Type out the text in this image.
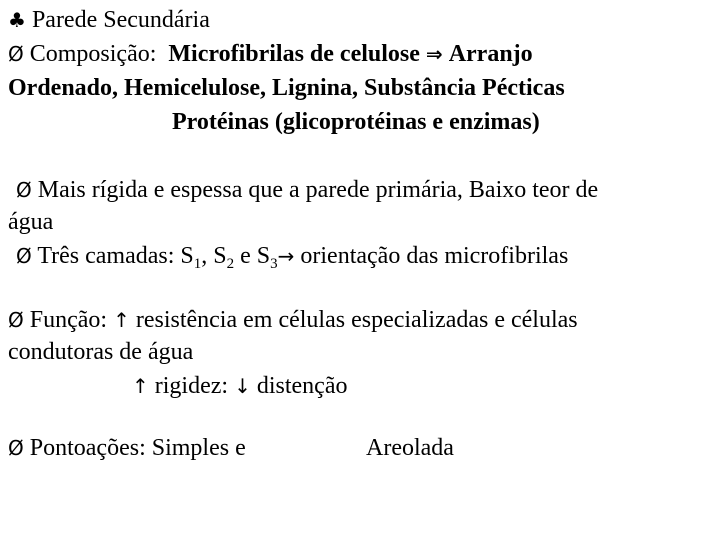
♣ Parede Secundária
Ø Composição: Microfibrilas de celulose ⇒ Arranjo
Ordenado, Hemicelulose, Lignina, Substância Pécticas
Protéinas (glicoprotéinas e enzimas)
Ø Mais rígida e espessa que a parede primária, Baixo teor de
água
Ø Três camadas: $S_1$, $S_2$ e $S_3\to$ orientação das microfibrilas
Ø Função: ↑ resistência em células especializadas e células
condutoras de água
↑ rigidez: ↓ distenção
Ø Pontoações: Simples e	Areolada
